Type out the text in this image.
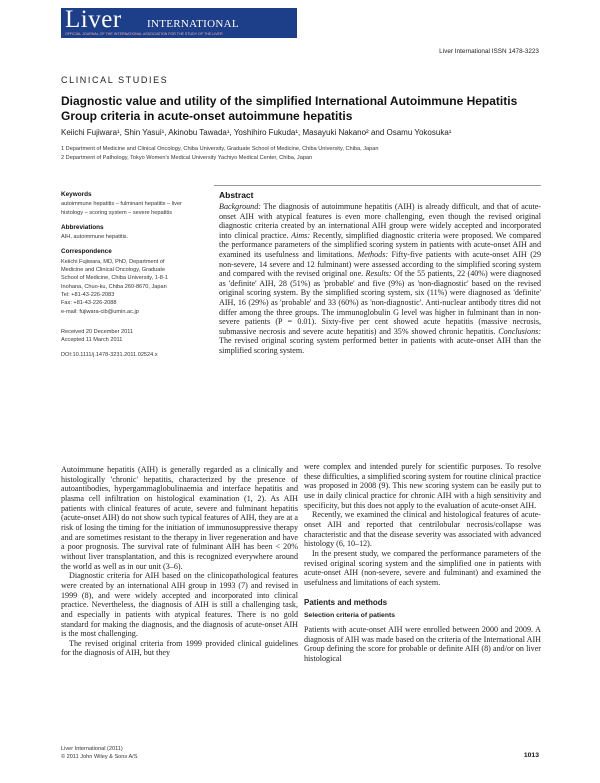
Liver INTERNATIONAL
OFFICIAL JOURNAL OF THE INTERNATIONAL ASSOCIATION FOR THE STUDY OF THE LIVER
Liver International ISSN 1478-3223
CLINICAL STUDIES
Diagnostic value and utility of the simplified International Autoimmune Hepatitis Group criteria in acute-onset autoimmune hepatitis
Keiichi Fujiwara¹, Shin Yasui¹, Akinobu Tawada¹, Yoshihiro Fukuda¹, Masayuki Nakano² and Osamu Yokosuka¹
1 Department of Medicine and Clinical Oncology, Chiba University, Graduate School of Medicine, Chiba University, Chiba, Japan
2 Department of Pathology, Tokyo Women's Medical University Yachiyo Medical Center, Chiba, Japan
Keywords

autoimmune hepatitis – fulminant hepatitis – liver histology – scoring system – severe hepatitis

Abbreviations

AIH, autoimmune hepatitis.

Correspondence

Keiichi Fujiwara, MD, PhD, Department of

Medicine and Clinical Oncology, Graduate

School of Medicine, Chiba University, 1-8-1

Inohana, Chuo-ku, Chiba 260-8670, Japan

Tel: +81-43-226-2083

Fax: +81-43-226-2088

e-mail: fujiwara-cib@umin.ac.jp

Received 20 December 2011

Accepted 11 March 2011

DOI:10.1111/j.1478-3231.2011.02524.x

Abstract

Background: The diagnosis of autoimmune hepatitis (AIH) is already difficult, and that of acute-onset AIH with atypical features is even more challenging, even though the revised original diagnostic criteria created by an international AIH group were widely accepted and incorporated into clinical practice. Aims: Recently, simplified diagnostic criteria were proposed. We compared the performance parameters of the simplified scoring system in patients with acute-onset AIH and examined its usefulness and limitations. Methods: Fifty-five patients with acute-onset AIH (29 non-severe, 14 severe and 12 fulminant) were assessed according to the simplified scoring system and compared with the revised original one. Results: Of the 55 patients, 22 (40%) were diagnosed as 'definite' AIH, 28 (51%) as 'probable' and five (9%) as 'non-diagnostic' based on the revised original scoring system. By the simplified scoring system, six (11%) were diagnosed as 'definite' AIH, 16 (29%) as 'probable' and 33 (60%) as 'non-diagnostic'. Anti-nuclear antibody titres did not differ among the three groups. The immunoglobulin G level was higher in fulminant than in non-severe patients (P = 0.01). Sixty-five per cent showed acute hepatitis (massive necrosis, submassive necrosis and severe acute hepatitis) and 35% showed chronic hepatitis. Conclusions: The revised original scoring system performed better in patients with acute-onset AIH than the simplified scoring system.

Autoimmune hepatitis (AIH) is generally regarded as a clinically and histologically 'chronic' hepatitis, characterized by the presence of autoantibodies, hypergammaglobulinaemia and interface hepatitis and plasma cell infiltration on histological examination (1, 2). As AIH patients with clinical features of acute, severe and fulminant hepatitis (acute-onset AIH) do not show such typical features of AIH, they are at a risk of losing the timing for the initiation of immunosuppressive therapy and are sometimes resistant to the therapy in liver regeneration and have a poor prognosis. The survival rate of fulminant AIH has been < 20% without liver transplantation, and this is recognized everywhere around the world as well as in our unit (3–6).

Diagnostic criteria for AIH based on the clinicopathological features were created by an international AIH group in 1993 (7) and revised in 1999 (8), and were widely accepted and incorporated into clinical practice. Nevertheless, the diagnosis of AIH is still a challenging task, and especially in patients with atypical features. There is no gold standard for making the diagnosis, and the diagnosis of acute-onset AIH is the most challenging.

The revised original criteria from 1999 provided clinical guidelines for the diagnosis of AIH, but they

were complex and intended purely for scientific purposes. To resolve these difficulties, a simplified scoring system for routine clinical practice was proposed in 2008 (9). This new scoring system can be easily put to use in daily clinical practice for chronic AIH with a high sensitivity and specificity, but this does not apply to the evaluation of acute-onset AIH.

Recently, we examined the clinical and histological features of acute-onset AIH and reported that centrilobular necrosis/collapse was characteristic and that the disease severity was associated with advanced histology (6, 10–12).

In the present study, we compared the performance parameters of the revised original scoring system and the simplified one in patients with acute-onset AIH (non-severe, severe and fulminant) and examined the usefulness and limitations of each system.

Patients and methods
Selection criteria of patients

Patients with acute-onset AIH were enrolled between 2000 and 2009. A diagnosis of AIH was made based on the criteria of the International AIH Group defining the score for probable or definite AIH (8) and/or on liver histological

Liver International (2011)
© 2011 John Wiley & Sons A/S	1013
